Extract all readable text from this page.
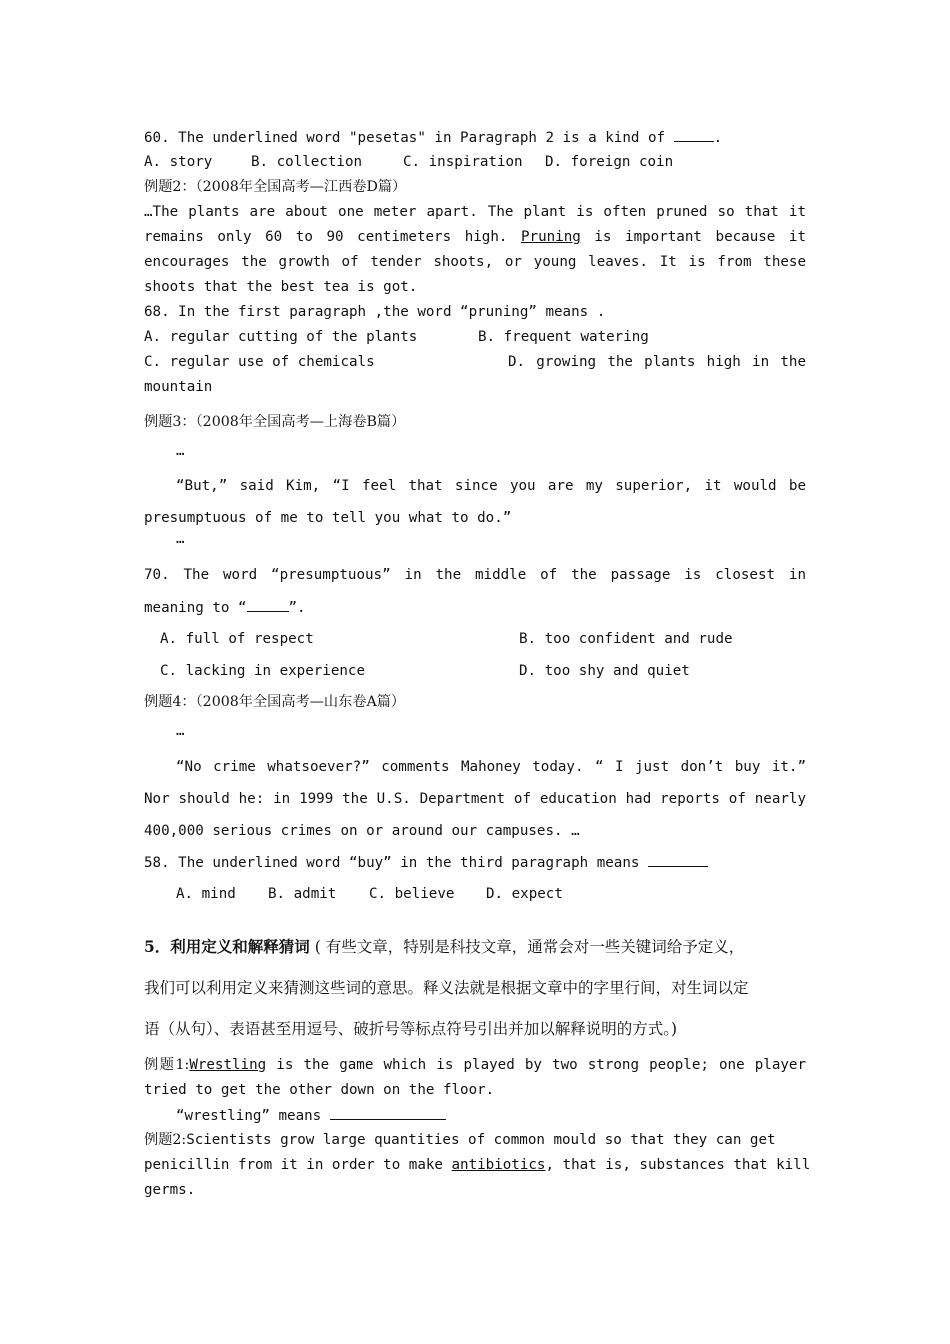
60. The underlined word "pesetas" in Paragraph 2 is a kind of	.
A. story	B. collection	C. inspiration D. foreign coin
例题2：（2008年全国高考—江西卷D篇）
…The plants are about one meter apart. The plant is often pruned so that it
remains only 60 to 90 centimeters high. Pruning is important because it
encourages the growth of tender shoots, or young leaves. It is from these
shoots that the best tea is got.
68. In the first paragraph ,the word “pruning” means .
A. regular cutting of the plants	B. frequent watering
C. regular use of chemicals	D. growing the plants high in the
mountain
例题3：（2008年全国高考—上海卷B篇）
…
“But,” said Kim, “I feel that since you are my superior, it would be
presumptuous of me to tell you what to do.”
…
70. The word “presumptuous” in the middle of the passage is closest in
meaning to “	”.
A. full of respect	B. too confident and rude
C. lacking in experience	D. too shy and quiet
例题4：（2008年全国高考—山东卷A篇）
…
“No crime whatsoever?” comments Mahoney today. “ I just don’t buy it.”
Nor should he: in 1999 the U.S. Department of education had reports of nearly
400,000 serious crimes on or around our campuses. …
58. The underlined word “buy” in the third paragraph means
A. mind B. admit C. believe D. expect
5．利用定义和解释猜词 ( 有些文章，特别是科技文章，通常会对一些关键词给予定义，
我们可以利用定义来猜测这些词的意思。释义法就是根据文章中的字里行间，对生词以定
语（从句）、表语甚至用逗号、破折号等标点符号引出并加以解释说明的方式。)
例题1:Wrestling is the game which is played by two strong people; one player
tried to get the other down on the floor.
“wrestling” means
例题2:Scientists grow large quantities of common mould so that they can get
penicillin from it in order to make antibiotics, that is, substances that kill
germs.
